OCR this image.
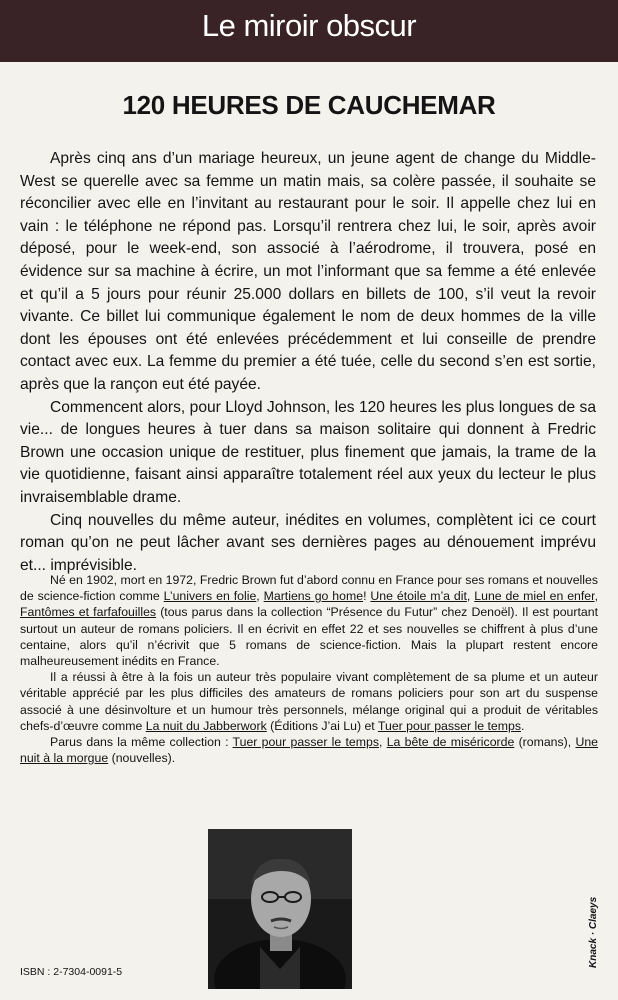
Le miroir obscur
120 HEURES DE CAUCHEMAR

Après cinq ans d’un mariage heureux, un jeune agent de change du Middle-West se querelle avec sa femme un matin mais, sa colère passée, il souhaite se réconcilier avec elle en l’invitant au restaurant pour le soir. Il appelle chez lui en vain : le téléphone ne répond pas. Lorsqu’il rentrera chez lui, le soir, après avoir déposé, pour le week-end, son associé à l’aérodrome, il trouvera, posé en évidence sur sa machine à écrire, un mot l’informant que sa femme a été enlevée et qu’il a 5 jours pour réunir 25.000 dollars en billets de 100, s’il veut la revoir vivante. Ce billet lui communique également le nom de deux hommes de la ville dont les épouses ont été enlevées précédemment et lui conseille de prendre contact avec eux. La femme du premier a été tuée, celle du second s’en est sortie, après que la rançon eut été payée.

Commencent alors, pour Lloyd Johnson, les 120 heures les plus longues de sa vie... de longues heures à tuer dans sa maison solitaire qui donnent à Fredric Brown une occasion unique de restituer, plus finement que jamais, la trame de la vie quotidienne, faisant ainsi apparaître totalement réel aux yeux du lecteur le plus invraisemblable drame.

Cinq nouvelles du même auteur, inédites en volumes, complètent ici ce court roman qu’on ne peut lâcher avant ses dernières pages au dénouement imprévu et... imprévisible.

Né en 1902, mort en 1972, Fredric Brown fut d’abord connu en France pour ses romans et nouvelles de science-fiction comme L’univers en folie, Martiens go home! Une étoile m’a dit, Lune de miel en enfer, Fantômes et farfafouilles (tous parus dans la collection “Présence du Futur” chez Denoël). Il est pourtant surtout un auteur de romans policiers. Il en écrivit en effet 22 et ses nouvelles se chiffrent à plus d’une centaine, alors qu’il n’écrivit que 5 romans de science-fiction. Mais la plupart restent encore malheureusement inédits en France.

Il a réussi à être à la fois un auteur très populaire vivant complètement de sa plume et un auteur véritable apprécié par les plus difficiles des amateurs de romans policiers pour son art du suspense associé à une désinvolture et un humour très personnels, mélange original qui a produit de véritables chefs-d’œuvre comme La nuit du Jabberwork (Éditions J’ai Lu) et Tuer pour passer le temps.

Parus dans la même collection : Tuer pour passer le temps, La bête de miséricorde (romans), Une nuit à la morgue (nouvelles).

ISBN : 2-7304-0091-5
Knack · Claeys
